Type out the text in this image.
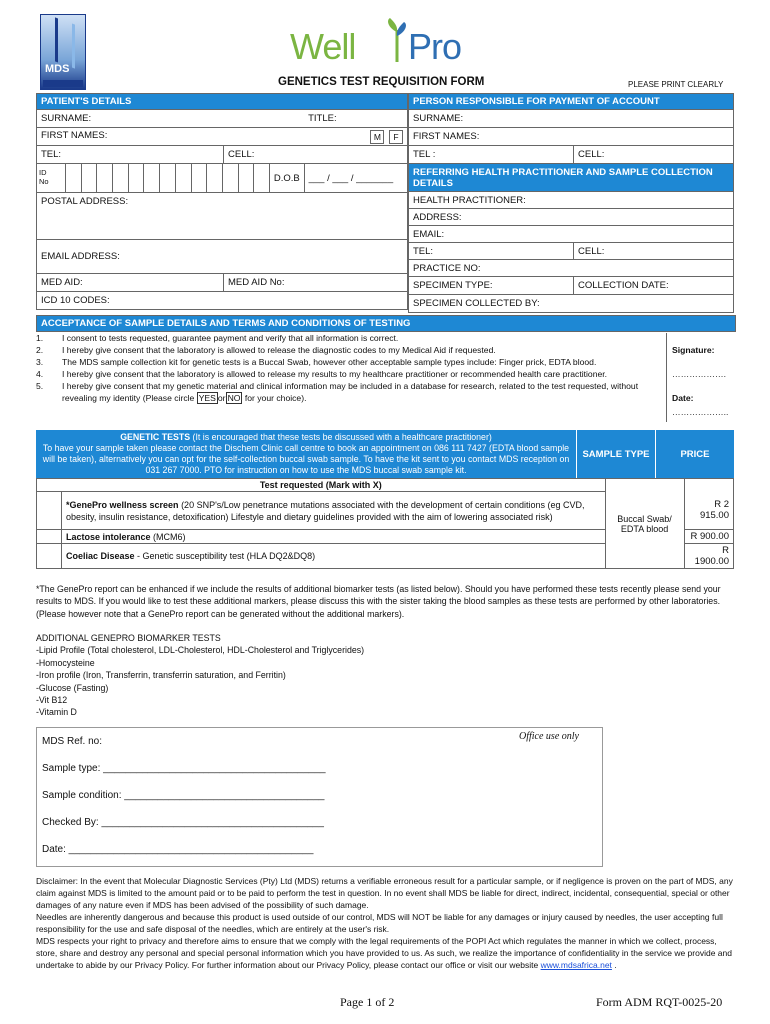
MDS
Well Pro
GENETICS TEST REQUISITION FORM	PLEASE PRINT CLEARLY
PATIENT'S DETAILS		
SURNAME:		TITLE:
FIRST NAMES: M F		

TEL:	CELL:	

ID
No D.O.B		___ / ___ / _______
POSTAL ADDRESS:		
EMAIL ADDRESS:		
MED AID:	MED AID No:	
ICD 10 CODES:		
PERSON RESPONSIBLE FOR PAYMENT OF ACCOUNT	
SURNAME:	
FIRST NAMES:	
TEL :	CELL:
REFERRING HEALTH PRACTITIONER AND SAMPLE COLLECTION DETAILS	
HEALTH PRACTITIONER:	
ADDRESS:	
EMAIL:	
TEL:	CELL:
PRACTICE NO:	
SPECIMEN TYPE:	COLLECTION DATE:
SPECIMEN COLLECTED BY:	
ACCEPTANCE OF SAMPLE DETAILS AND TERMS AND CONDITIONS OF TESTING
1.	I consent to tests requested, guarantee payment and verify that all information is correct.
2.	I hereby give consent that the laboratory is allowed to release the diagnostic codes to my Medical Aid if requested.
3.	The MDS sample collection kit for genetic tests is a Buccal Swab, however other acceptable sample types include: Finger prick, EDTA blood.
4.	I hereby give consent that the laboratory is allowed to release my results to my healthcare practitioner or recommended health care practitioner.
5.	I hereby give consent that my genetic material and clinical information may be included in a database for research, related to the test requested, without revealing my identity (Please circle YES or NO for your choice).
Signature:
……………….
Date:
………………..
GENETIC TESTS (It is encouraged that these tests be discussed with a healthcare practitioner)
To have your sample taken please contact the Dischem Clinic call centre to book an appointment on 086 111 7427 (EDTA blood sample will be taken), alternatively you can opt for the self-collection buccal swab sample. To have the kit sent to you contact MDS reception on 031 267 7000. PTO for instruction on how to use the MDS buccal swab sample kit.
SAMPLE TYPE	PRICE
Test requested (Mark with X)		Buccal Swab/ EDTA blood	
	*GenePro wellness screen (20 SNP's/Low penetrance mutations associated with the development of certain conditions (eg CVD, obesity, insulin resistance, detoxification) Lifestyle and dietary guidelines provided with the aim of lowering associated risk)		R 2 915.00
	Lactose intolerance (MCM6)		R 900.00
	Coeliac Disease - Genetic susceptibility test (HLA DQ2&DQ8)		R 1900.00
*The GenePro report can be enhanced if we include the results of additional biomarker tests (as listed below). Should you have performed these tests recently please send your results to MDS. If you would like to test these additional markers, please discuss this with the sister taking the blood samples as these tests are performed by other laboratories. (Please however note that a GenePro report can be generated without the additional markers).
ADDITIONAL GENEPRO BIOMARKER TESTS
-Lipid Profile (Total cholesterol, LDL-Cholesterol, HDL-Cholesterol and Triglycerides)
-Homocysteine
-Iron profile (Iron, Transferrin, transferrin saturation, and Ferritin)
-Glucose (Fasting)
-Vit B12
-Vitamin D
MDS Ref. no:
Sample type: ________________________________________
Sample condition: ____________________________________
Checked By: ________________________________________
Date: ____________________________________________
Office use only
Disclaimer: In the event that Molecular Diagnostic Services (Pty) Ltd (MDS) returns a verifiable erroneous result for a particular sample, or if negligence is proven on the part of MDS, any claim against MDS is limited to the amount paid or to be paid to perform the test in question. In no event shall MDS be liable for direct, indirect, incidental, consequential, special or other damages of any nature even if MDS has been advised of the possibility of such damage.
Needles are inherently dangerous and because this product is used outside of our control, MDS will NOT be liable for any damages or injury caused by needles, the user accepting full responsibility for the use and safe disposal of the needles, which are entirely at the user's risk.
MDS respects your right to privacy and therefore aims to ensure that we comply with the legal requirements of the POPI Act which regulates the manner in which we collect, process, store, share and destroy any personal and special personal information which you have provided to us. As such, we realize the importance of confidentiality in the service we provide and undertake to abide by our Privacy Policy. For further information about our Privacy Policy, please contact our office or visit our website www.mdsafrica.net .
Page 1 of 2	Form ADM RQT-0025-20
